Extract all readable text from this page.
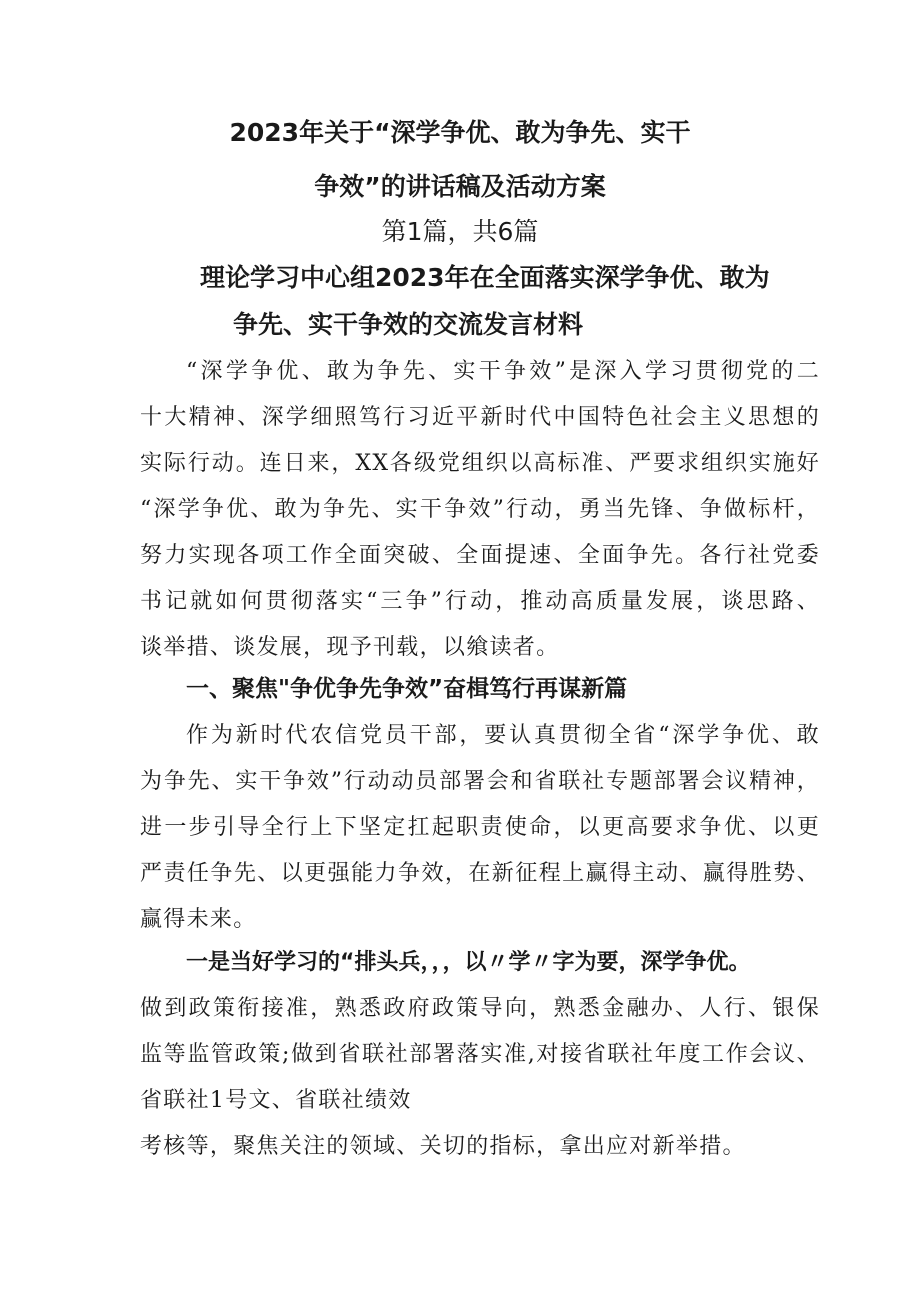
2023年关于“深学争优、敢为争先、实干

争效”的讲话稿及活动方案

第1篇，共6篇

理论学习中心组2023年在全面落实深学争优、敢为

争先、实干争效的交流发言材料

“深学争优、敢为争先、实干争效”是深入学习贯彻党的二

十大精神、深学细照笃行习近平新时代中国特色社会主义思想的

实际行动。连日来，XX各级党组织以高标准、严要求组织实施好

“深学争优、敢为争先、实干争效”行动，勇当先锋、争做标杆，

努力实现各项工作全面突破、全面提速、全面争先。各行社党委

书记就如何贯彻落实“三争”行动，推动高质量发展，谈思路、

谈举措、谈发展，现予刊载，以飨读者。

一、聚焦"争优争先争效”奋楫笃行再谋新篇

作为新时代农信党员干部，要认真贯彻全省“深学争优、敢

为争先、实干争效”行动动员部署会和省联社专题部署会议精神，

进一步引导全行上下坚定扛起职责使命，以更高要求争优、以更

严责任争先、以更强能力争效，在新征程上赢得主动、赢得胜势、

赢得未来。

一是当好学习的“排头兵，，，以〃学〃字为要，深学争优。

做到政策衔接准，熟悉政府政策导向，熟悉金融办、人行、银保

监等监管政策;做到省联社部署落实准,对接省联社年度工作会议、

省联社1号文、省联社绩效

考核等，聚焦关注的领域、关切的指标，拿出应对新举措。
